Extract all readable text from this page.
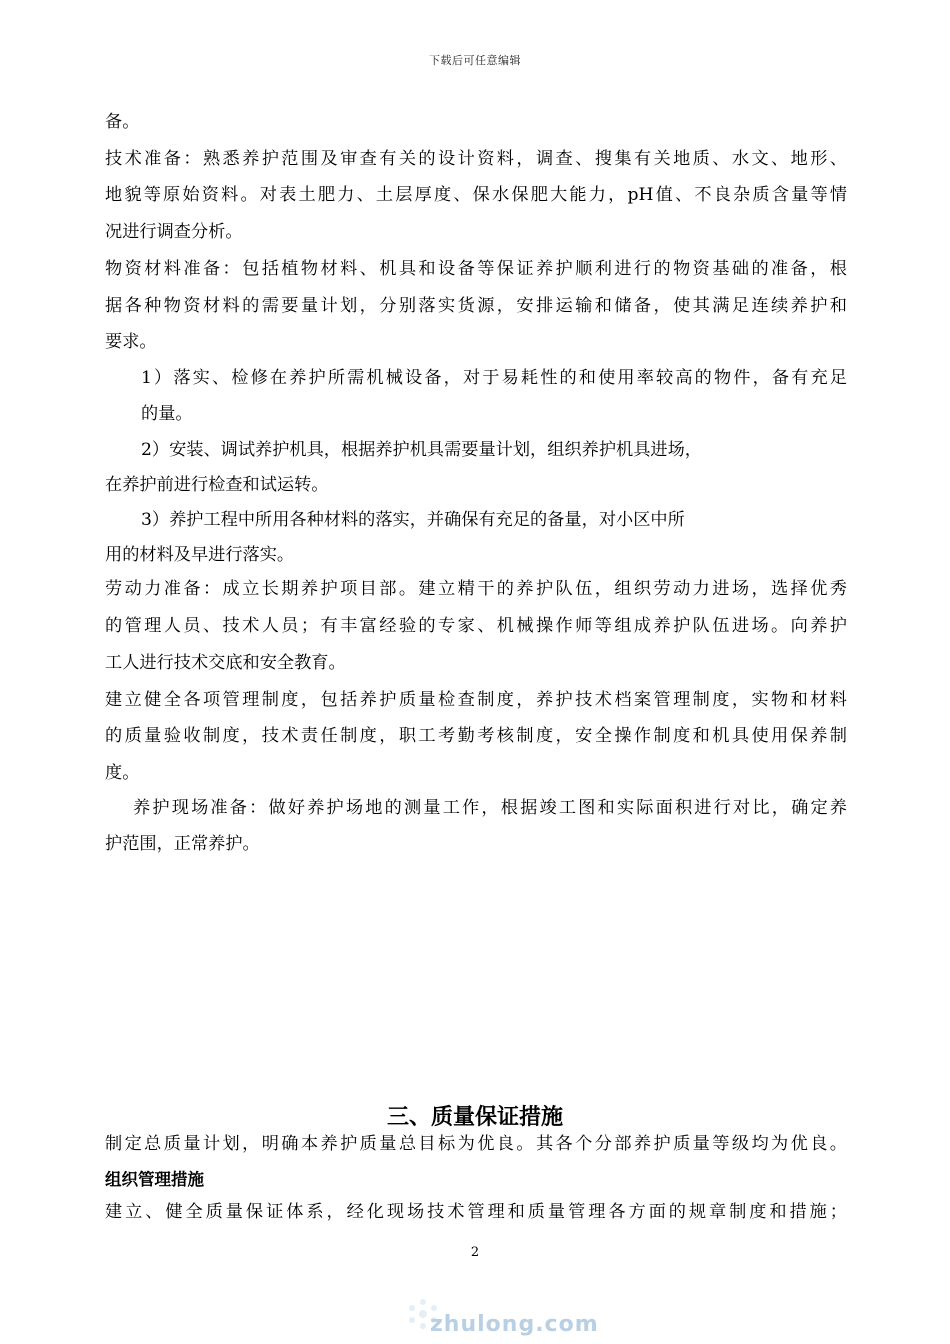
下载后可任意编辑
备。
技术准备：熟悉养护范围及审查有关的设计资料，调查、搜集有关地质、水文、地形、
地貌等原始资料。对表土肥力、土层厚度、保水保肥大能力，pH值、不良杂质含量等情
况进行调查分析。
物资材料准备：包括植物材料、机具和设备等保证养护顺利进行的物资基础的准备，根
据各种物资材料的需要量计划，分别落实货源，安排运输和储备，使其满足连续养护和
要求。
1）落实、检修在养护所需机械设备，对于易耗性的和使用率较高的物件，备有充足
的量。
2）安装、调试养护机具，根据养护机具需要量计划，组织养护机具进场，
在养护前进行检查和试运转。
3）养护工程中所用各种材料的落实，并确保有充足的备量，对小区中所
用的材料及早进行落实。
劳动力准备：成立长期养护项目部。建立精干的养护队伍，组织劳动力进场，选择优秀
的管理人员、技术人员；有丰富经验的专家、机械操作师等组成养护队伍进场。向养护
工人进行技术交底和安全教育。
建立健全各项管理制度，包括养护质量检查制度，养护技术档案管理制度，实物和材料
的质量验收制度，技术责任制度，职工考勤考核制度，安全操作制度和机具使用保养制
度。
养护现场准备：做好养护场地的测量工作，根据竣工图和实际面积进行对比，确定养
护范围，正常养护。
三、质量保证措施
制定总质量计划，明确本养护质量总目标为优良。其各个分部养护质量等级均为优良。
组织管理措施
建立、健全质量保证体系，经化现场技术管理和质量管理各方面的规章制度和措施；
2
zhulong.com
